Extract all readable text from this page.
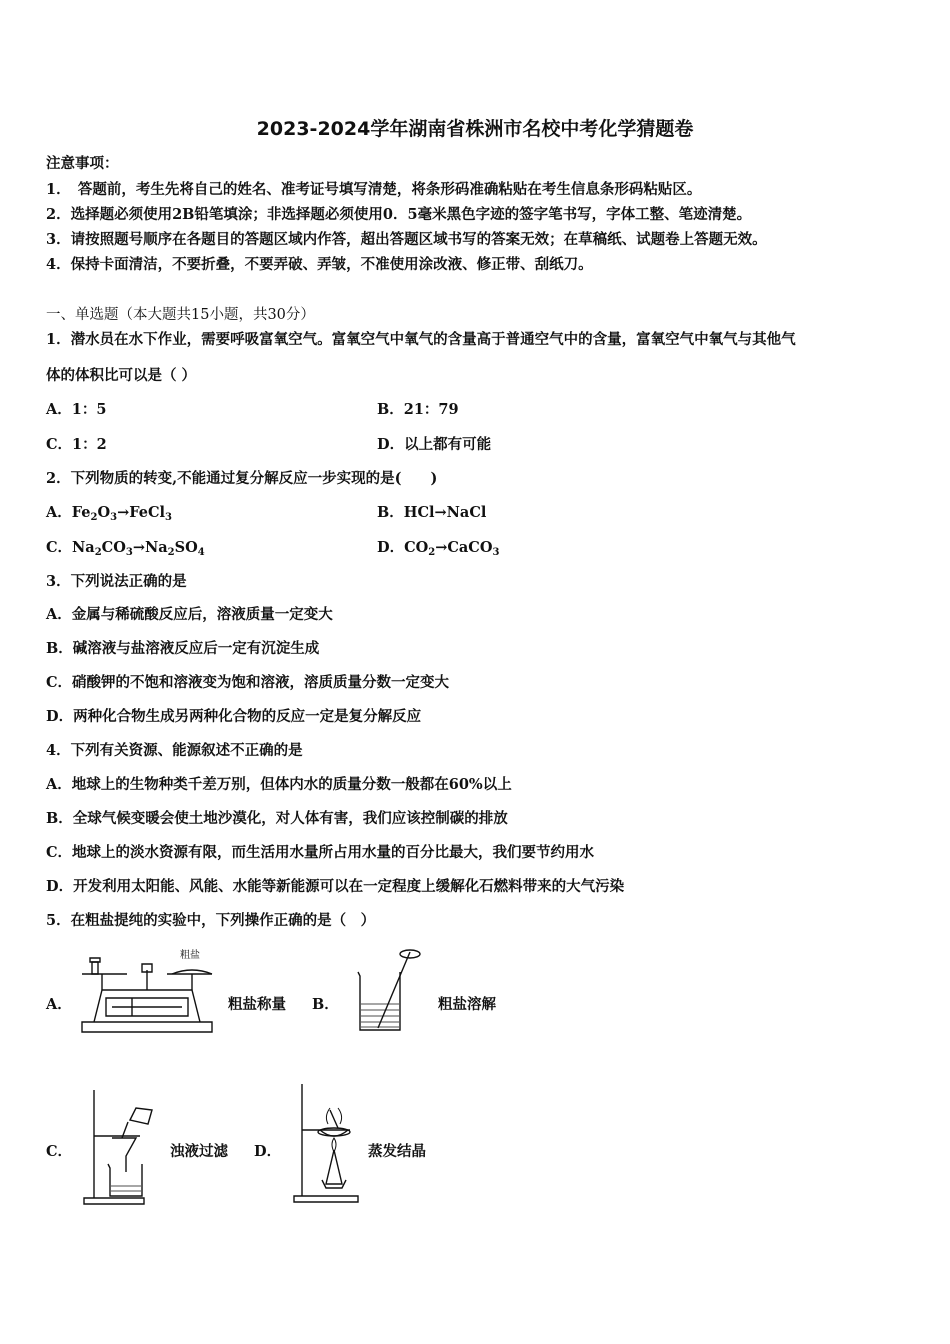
2023-2024学年湖南省株洲市名校中考化学猜题卷
注意事项：
1．　答题前，考生先将自己的姓名、准考证号填写清楚，将条形码准确粘贴在考生信息条形码粘贴区。
2．选择题必须使用2B铅笔填涂；非选择题必须使用0．5毫米黑色字迹的签字笔书写，字体工整、笔迹清楚。
3．请按照题号顺序在各题目的答题区域内作答，超出答题区域书写的答案无效；在草稿纸、试题卷上答题无效。
4．保持卡面清洁，不要折叠，不要弄破、弄皱，不准使用涂改液、修正带、刮纸刀。
一、单选题（本大题共15小题，共30分）
1．潜水员在水下作业，需要呼吸富氧空气。富氧空气中氧气的含量高于普通空气中的含量，富氧空气中氧气与其他气
体的体积比可以是（ ）
A．1：5	B．21：79
C．1：2	D．以上都有可能
2．下列物质的转变,不能通过复分解反应一步实现的是(　　)
A．$Fe_2O_3\to FeCl_3$	B．HCl→NaCl
C．$Na_2CO_3\to Na_2SO_4$	D．$CO_2\to CaCO_3$
3．下列说法正确的是
A．金属与稀硫酸反应后，溶液质量一定变大
B．碱溶液与盐溶液反应后一定有沉淀生成
C．硝酸钾的不饱和溶液变为饱和溶液，溶质质量分数一定变大
D．两种化合物生成另两种化合物的反应一定是复分解反应
4．下列有关资源、能源叙述不正确的是
A．地球上的生物种类千差万别，但体内水的质量分数一般都在60%以上
B．全球气候变暖会使土地沙漠化，对人体有害，我们应该控制碳的排放
C．地球上的淡水资源有限，而生活用水量所占用水量的百分比最大，我们要节约用水
D．开发利用太阳能、风能、水能等新能源可以在一定程度上缓解化石燃料带来的大气污染
5．在粗盐提纯的实验中，下列操作正确的是（　）
A．
粗盐
粗盐称量 B．	粗盐溶解
C．	浊液过滤 D．	蒸发结晶
